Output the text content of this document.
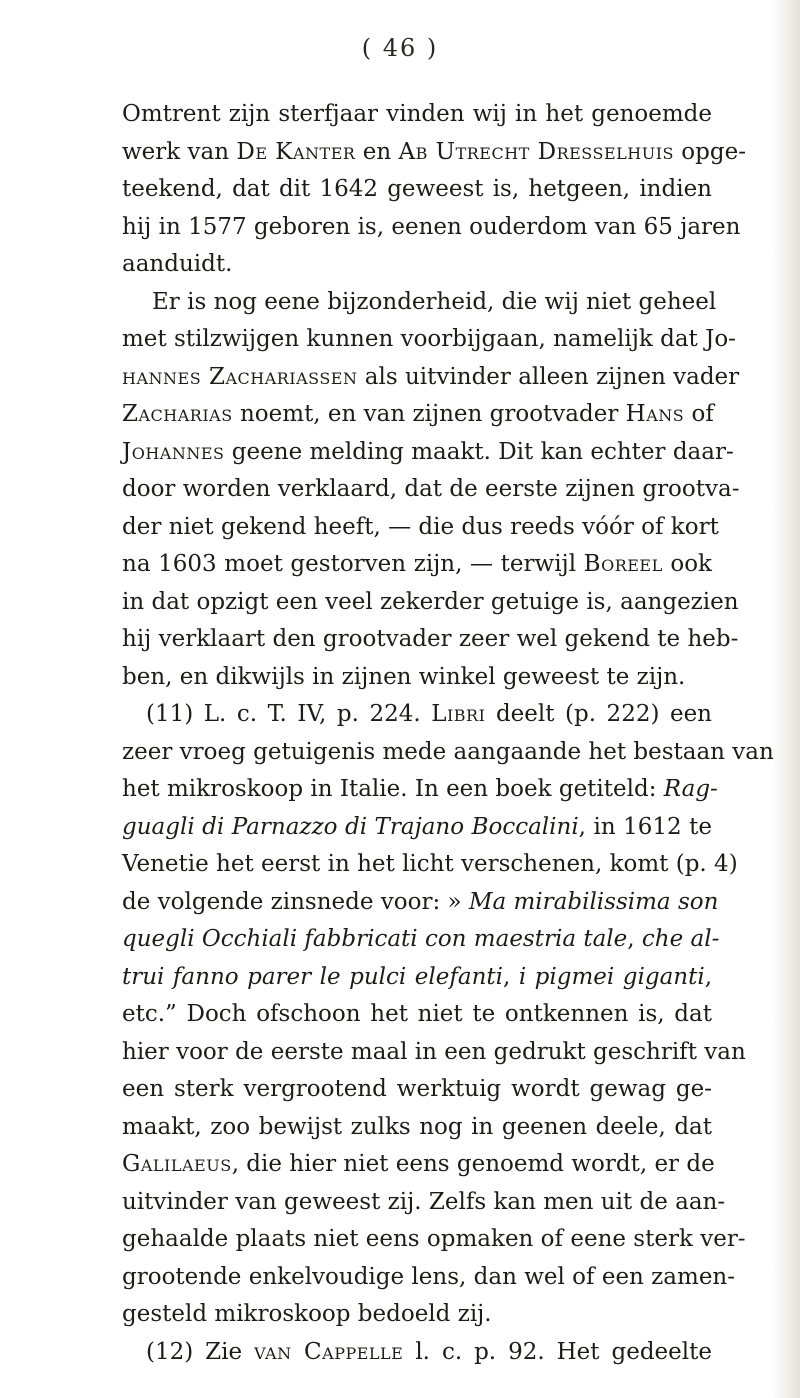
( 46 )
Omtrent zijn sterfjaar vinden wij in het genoemde
werk van De Kanter en Ab Utrecht Dresselhuis opge-
teekend, dat dit 1642 geweest is, hetgeen, indien
hij in 1577 geboren is, eenen ouderdom van 65 jaren
aanduidt.
Er is nog eene bijzonderheid, die wij niet geheel
met stilzwijgen kunnen voorbijgaan, namelijk dat Jo-
hannes Zachariassen als uitvinder alleen zijnen vader
Zacharias noemt, en van zijnen grootvader Hans of
Johannes geene melding maakt. Dit kan echter daar-
door worden verklaard, dat de eerste zijnen grootva-
der niet gekend heeft, — die dus reeds vóór of kort
na 1603 moet gestorven zijn, — terwijl Boreel ook
in dat opzigt een veel zekerder getuige is, aangezien
hij verklaart den grootvader zeer wel gekend te heb-
ben, en dikwijls in zijnen winkel geweest te zijn.
(11) L. c. T. IV, p. 224. Libri deelt (p. 222) een
zeer vroeg getuigenis mede aangaande het bestaan van
het mikroskoop in Italie. In een boek getiteld: Rag-
guagli di Parnazzo di Trajano Boccalini, in 1612 te
Venetie het eerst in het licht verschenen, komt (p. 4)
de volgende zinsnede voor: » Ma mirabilissima son
quegli Occhiali fabbricati con maestria tale, che al-
trui fanno parer le pulci elefanti, i pigmei giganti,
etc.” Doch ofschoon het niet te ontkennen is, dat
hier voor de eerste maal in een gedrukt geschrift van
een sterk vergrootend werktuig wordt gewag ge-
maakt, zoo bewijst zulks nog in geenen deele, dat
Galilaeus, die hier niet eens genoemd wordt, er de
uitvinder van geweest zij. Zelfs kan men uit de aan-
gehaalde plaats niet eens opmaken of eene sterk ver-
grootende enkelvoudige lens, dan wel of een zamen-
gesteld mikroskoop bedoeld zij.
(12) Zie van Cappelle l. c. p. 92. Het gedeelte
